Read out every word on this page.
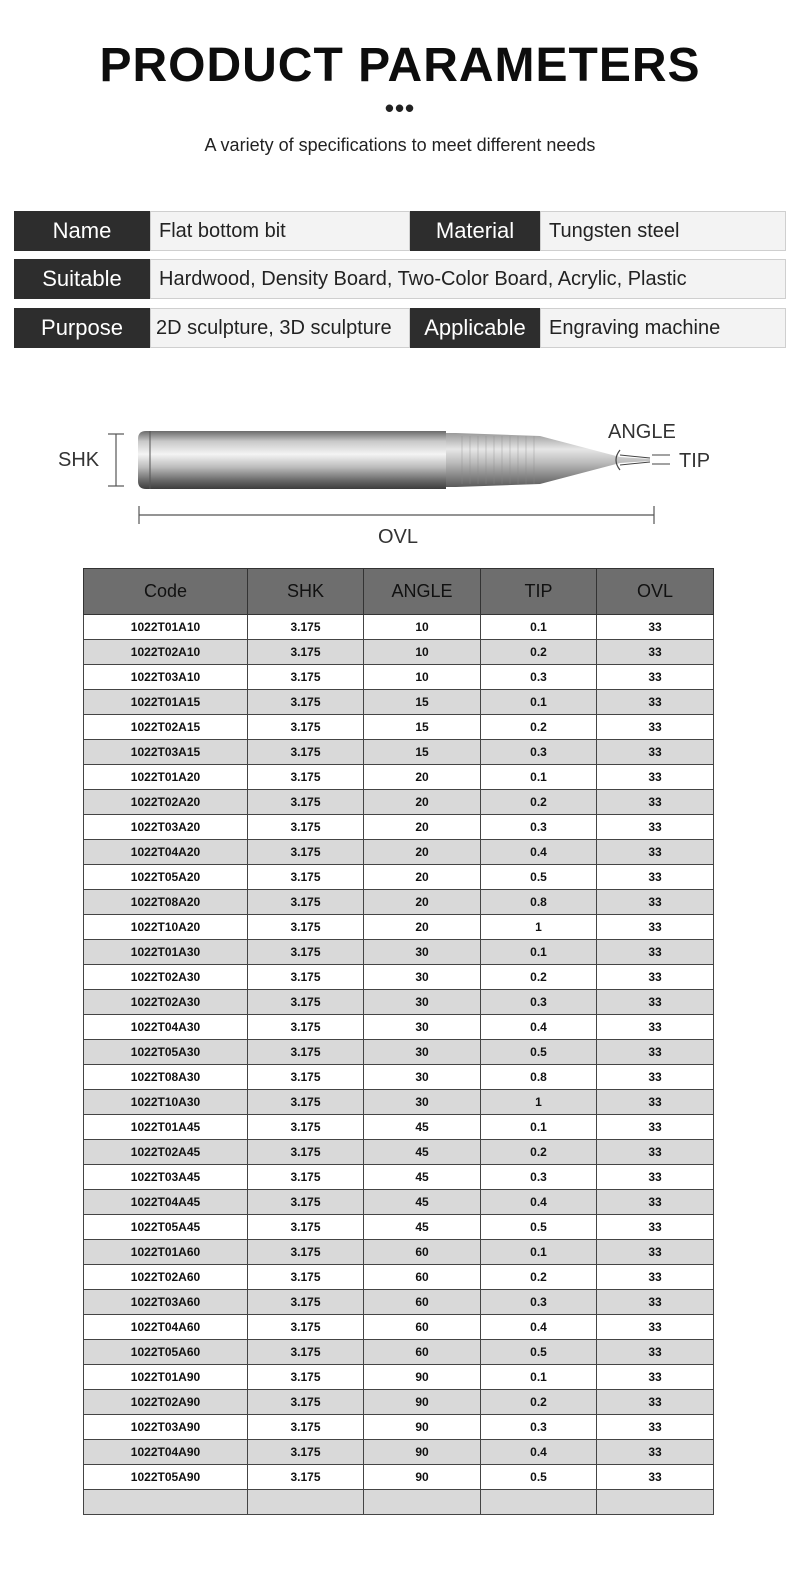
PRODUCT PARAMETERS
•••
A variety of specifications to meet different needs
Name	Flat bottom bit	Material	Tungsten steel
Suitable	Hardwood, Density Board, Two-Color Board, Acrylic, Plastic
Purpose	2D sculpture, 3D sculpture	Applicable	Engraving machine
SHK
ANGLE
TIP
OVL
Code	SHK	ANGLE	TIP	OVL
1022T01A10	3.175	10	0.1	33
1022T02A10	3.175	10	0.2	33
1022T03A10	3.175	10	0.3	33
1022T01A15	3.175	15	0.1	33
1022T02A15	3.175	15	0.2	33
1022T03A15	3.175	15	0.3	33
1022T01A20	3.175	20	0.1	33
1022T02A20	3.175	20	0.2	33
1022T03A20	3.175	20	0.3	33
1022T04A20	3.175	20	0.4	33
1022T05A20	3.175	20	0.5	33
1022T08A20	3.175	20	0.8	33
1022T10A20	3.175	20	1	33
1022T01A30	3.175	30	0.1	33
1022T02A30	3.175	30	0.2	33
1022T02A30	3.175	30	0.3	33
1022T04A30	3.175	30	0.4	33
1022T05A30	3.175	30	0.5	33
1022T08A30	3.175	30	0.8	33
1022T10A30	3.175	30	1	33
1022T01A45	3.175	45	0.1	33
1022T02A45	3.175	45	0.2	33
1022T03A45	3.175	45	0.3	33
1022T04A45	3.175	45	0.4	33
1022T05A45	3.175	45	0.5	33
1022T01A60	3.175	60	0.1	33
1022T02A60	3.175	60	0.2	33
1022T03A60	3.175	60	0.3	33
1022T04A60	3.175	60	0.4	33
1022T05A60	3.175	60	0.5	33
1022T01A90	3.175	90	0.1	33
1022T02A90	3.175	90	0.2	33
1022T03A90	3.175	90	0.3	33
1022T04A90	3.175	90	0.4	33
1022T05A90	3.175	90	0.5	33
